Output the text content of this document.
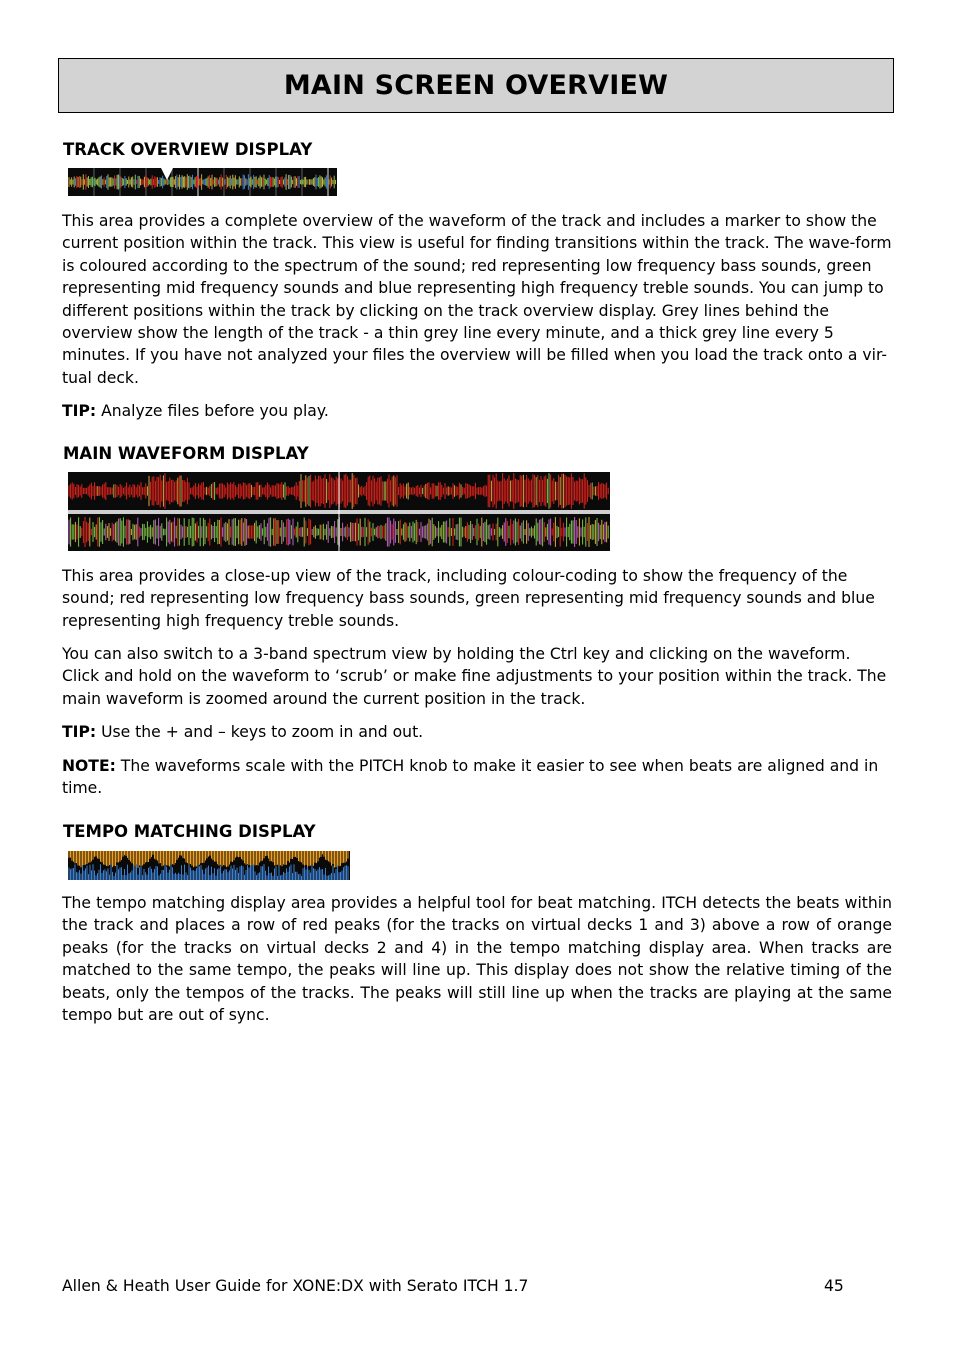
MAIN SCREEN OVERVIEW
TRACK OVERVIEW DISPLAY

This area provides a complete overview of the waveform of the track and includes a marker to show the current position within the track. This view is useful for finding transitions within the track. The wave-form is coloured according to the spectrum of the sound; red representing low frequency bass sounds, green representing mid frequency sounds and blue representing high frequency treble sounds. You can jump to different positions within the track by clicking on the track overview display. Grey lines behind the overview show the length of the track - a thin grey line every minute, and a thick grey line every 5 minutes. If you have not analyzed your files the overview will be filled when you load the track onto a vir-tual deck.

TIP: Analyze files before you play.

MAIN WAVEFORM DISPLAY

This area provides a close-up view of the track, including colour-coding to show the frequency of the sound; red representing low frequency bass sounds, green representing mid frequency sounds and blue representing high frequency treble sounds.

You can also switch to a 3-band spectrum view by holding the Ctrl key and clicking on the waveform. Click and hold on the waveform to ‘scrub’ or make fine adjustments to your position within the track. The main waveform is zoomed around the current position in the track.

TIP: Use the + and – keys to zoom in and out.

NOTE: The waveforms scale with the PITCH knob to make it easier to see when beats are aligned and in time.

TEMPO MATCHING DISPLAY

The tempo matching display area provides a helpful tool for beat matching. ITCH detects the beats within the track and places a row of red peaks (for the tracks on virtual decks 1 and 3) above a row of orange peaks (for the tracks on virtual decks 2 and 4) in the tempo matching display area. When tracks are matched to the same tempo, the peaks will line up. This display does not show the relative timing of the beats, only the tempos of the tracks. The peaks will still line up when the tracks are playing at the same tempo but are out of sync.

Allen & Heath User Guide for XONE:DX with Serato ITCH 1.7	45
